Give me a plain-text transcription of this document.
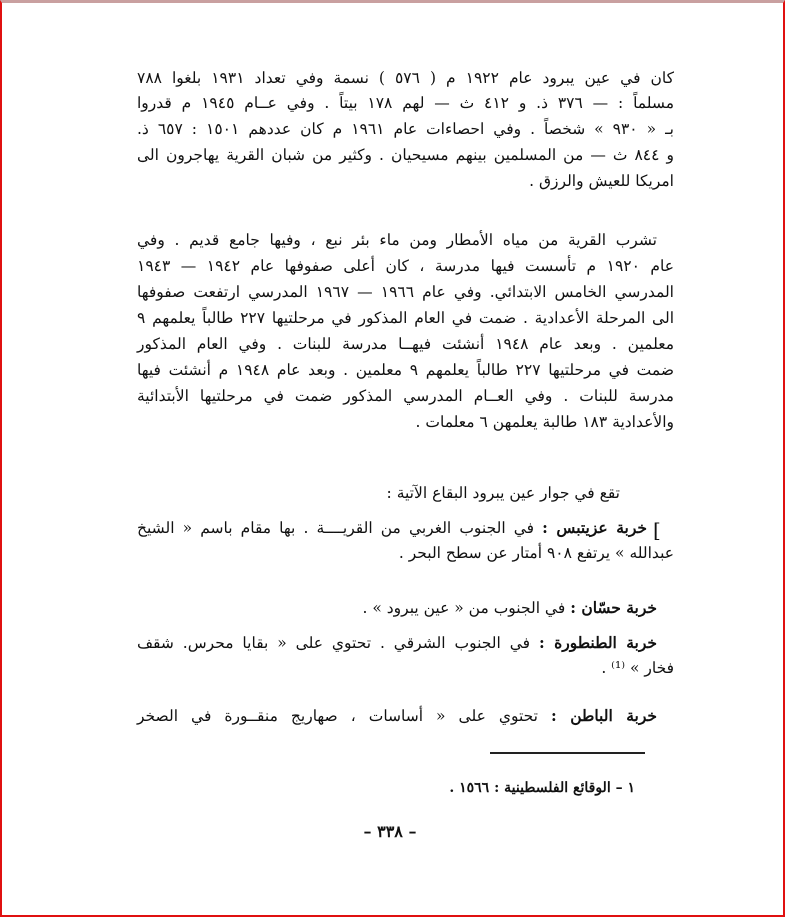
كان في عين يبرود عام ١٩٢٢ م ( ٥٧٦ ) نسمة وفي تعداد ١٩٣١ بلغوا ٧٨٨
مسلماً : — ٣٧٦ ذ. و ٤١٢ ث — لهم ١٧٨ بيتاً . وفي عــام ١٩٤٥ م قدروا
بـ « ٩٣٠ » شخصاً . وفي احصاءات عام ١٩٦١ م كان عددهم ١٥٠١ : ٦٥٧ ذ.
و ٨٤٤ ث — من المسلمين بينهم مسيحيان . وكثير من شبان القرية يهاجرون الى
امريكا للعيش والرزق .
تشرب القرية من مياه الأمطار ومن ماء بئر نبع ، وفيها جامع قديم . وفي
عام ١٩٢٠ م تأسست فيها مدرسة ، كان أعلى صفوفها عام ١٩٤٢ — ١٩٤٣
المدرسي الخامس الابتدائي. وفي عام ١٩٦٦ — ١٩٦٧ المدرسي ارتفعت صفوفها
الى المرحلة الأعدادية . ضمت في العام المذكور في مرحلتيها ٢٢٧ طالباً يعلمهم ٩
معلمين . وبعد عام ١٩٤٨ أنشئت فيهــا مدرسة للبنات . وفي العام المذكور
ضمت في مرحلتيها ٢٢٧ طالباً يعلمهم ٩ معلمين . وبعد عام ١٩٤٨ م أنشئت فيها
مدرسة للبنات . وفي العــام المدرسي المذكور ضمت في مرحلتيها الأبتدائية
والأعدادية ١٨٣ طالبة يعلمهن ٦ معلمات .
تقع في جوار عين يبرود البقاع الآتية :
[
خربة عزيتبس : في الجنوب الغربي من القريــــة . بها مقام باسم « الشيخ
عبدالله » يرتفع ٩٠٨ أمتار عن سطح البحر .
خربة حسّان : في الجنوب من « عين يبرود » .
خربة الطنطورة : في الجنوب الشرقي . تحتوي على « بقايا محرس. شقف
فخار » ⁽¹⁾ .
خربة الباطن : تحتوي على « أساسات ، صهاريج منقــورة في الصخر
١ – الوقائع الفلسطينية : ١٥٦٦ .
– ٣٣٨ –
